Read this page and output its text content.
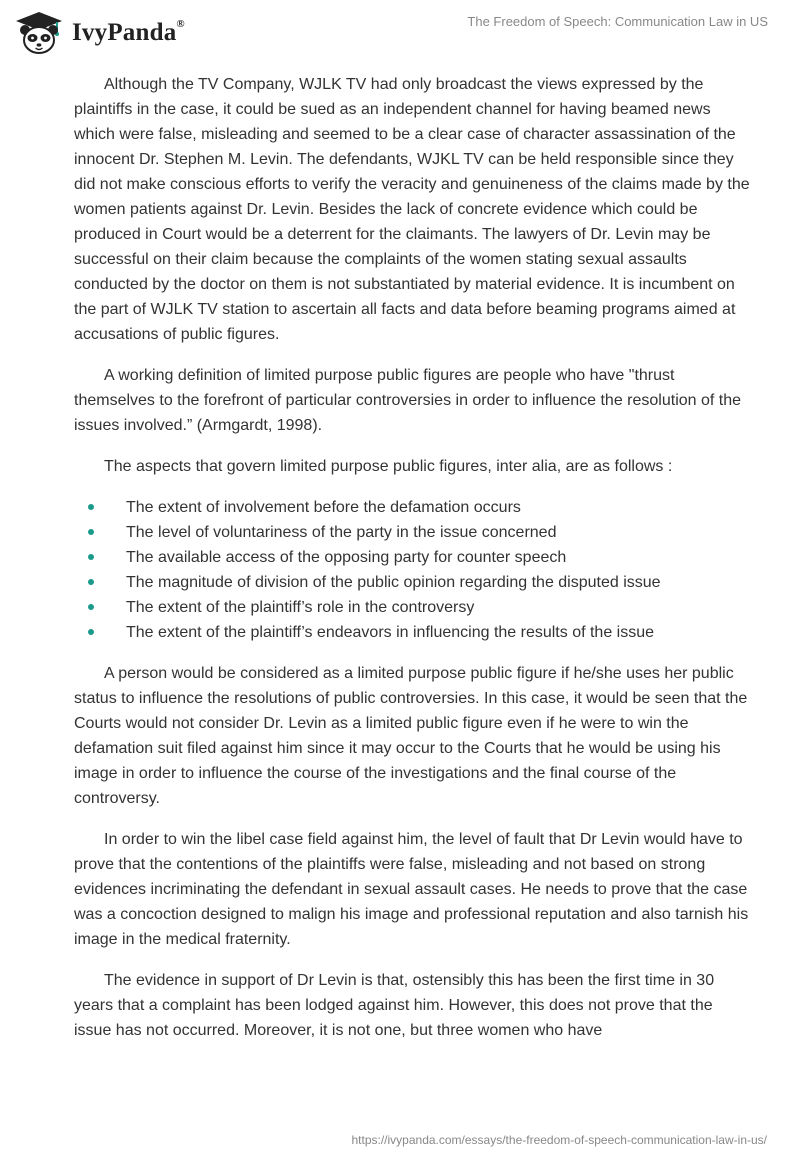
IvyPanda®	The Freedom of Speech: Communication Law in US

Although the TV Company, WJLK TV had only broadcast the views expressed by the plaintiffs in the case, it could be sued as an independent channel for having beamed news which were false, misleading and seemed to be a clear case of character assassination of the innocent Dr. Stephen M. Levin. The defendants, WJKL TV can be held responsible since they did not make conscious efforts to verify the veracity and genuineness of the claims made by the women patients against Dr. Levin. Besides the lack of concrete evidence which could be produced in Court would be a deterrent for the claimants. The lawyers of Dr. Levin may be successful on their claim because the complaints of the women stating sexual assaults conducted by the doctor on them is not substantiated by material evidence. It is incumbent on the part of WJLK TV station to ascertain all facts and data before beaming programs aimed at accusations of public figures.

A working definition of limited purpose public figures are people who have "thrust themselves to the forefront of particular controversies in order to influence the resolution of the issues involved.” (Armgardt, 1998).

The aspects that govern limited purpose public figures, inter alia, are as follows :

The extent of involvement before the defamation occurs
The level of voluntariness of the party in the issue concerned
The available access of the opposing party for counter speech
The magnitude of division of the public opinion regarding the disputed issue
The extent of the plaintiff’s role in the controversy
The extent of the plaintiff’s endeavors in influencing the results of the issue

A person would be considered as a limited purpose public figure if he/she uses her public status to influence the resolutions of public controversies. In this case, it would be seen that the Courts would not consider Dr. Levin as a limited public figure even if he were to win the defamation suit filed against him since it may occur to the Courts that he would be using his image in order to influence the course of the investigations and the final course of the controversy.

In order to win the libel case field against him, the level of fault that Dr Levin would have to prove that the contentions of the plaintiffs were false, misleading and not based on strong evidences incriminating the defendant in sexual assault cases. He needs to prove that the case was a concoction designed to malign his image and professional reputation and also tarnish his image in the medical fraternity.

The evidence in support of Dr Levin is that, ostensibly this has been the first time in 30 years that a complaint has been lodged against him. However, this does not prove that the issue has not occurred. Moreover, it is not one, but three women who have

https://ivypanda.com/essays/the-freedom-of-speech-communication-law-in-us/
